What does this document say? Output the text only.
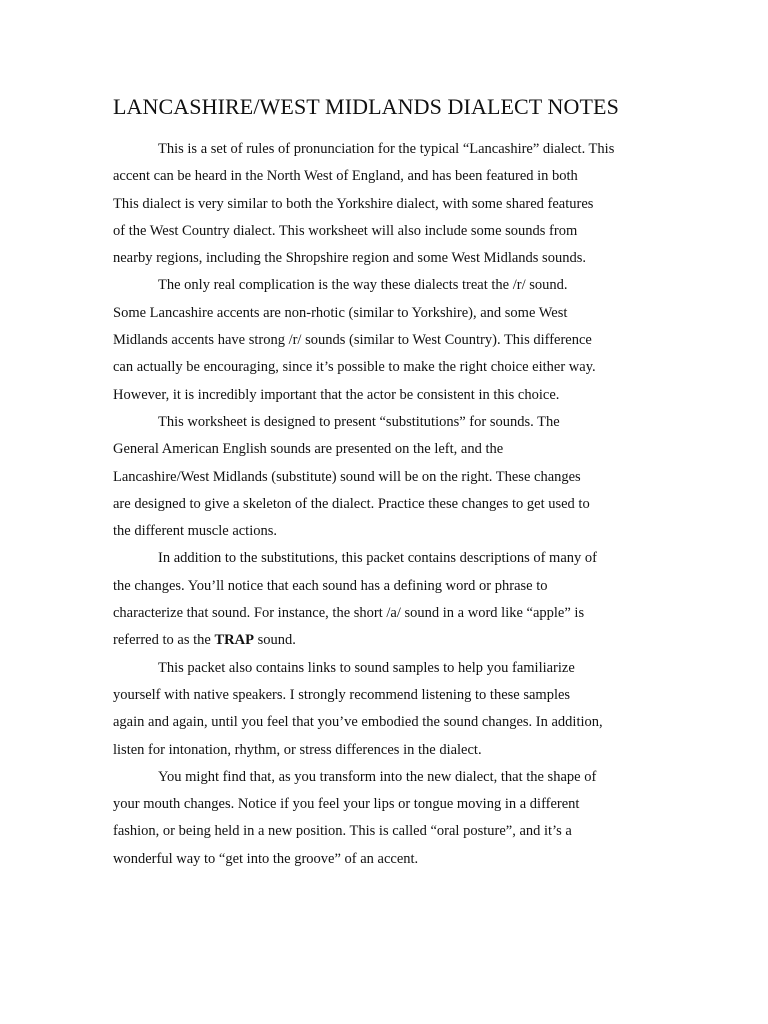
LANCASHIRE/WEST MIDLANDS DIALECT NOTES

This is a set of rules of pronunciation for the typical “Lancashire” dialect. This
accent can be heard in the North West of England, and has been featured in both
This dialect is very similar to both the Yorkshire dialect, with some shared features
of the West Country dialect. This worksheet will also include some sounds from
nearby regions, including the Shropshire region and some West Midlands sounds.

The only real complication is the way these dialects treat the /r/ sound.
Some Lancashire accents are non-rhotic (similar to Yorkshire), and some West
Midlands accents have strong /r/ sounds (similar to West Country). This difference
can actually be encouraging, since it’s possible to make the right choice either way.
However, it is incredibly important that the actor be consistent in this choice.

This worksheet is designed to present “substitutions” for sounds. The
General American English sounds are presented on the left, and the
Lancashire/West Midlands (substitute) sound will be on the right. These changes
are designed to give a skeleton of the dialect. Practice these changes to get used to
the different muscle actions.

In addition to the substitutions, this packet contains descriptions of many of
the changes. You’ll notice that each sound has a defining word or phrase to
characterize that sound. For instance, the short /a/ sound in a word like “apple” is
referred to as the TRAP sound.

This packet also contains links to sound samples to help you familiarize
yourself with native speakers. I strongly recommend listening to these samples
again and again, until you feel that you’ve embodied the sound changes. In addition,
listen for intonation, rhythm, or stress differences in the dialect.

You might find that, as you transform into the new dialect, that the shape of
your mouth changes. Notice if you feel your lips or tongue moving in a different
fashion, or being held in a new position. This is called “oral posture”, and it’s a
wonderful way to “get into the groove” of an accent.
